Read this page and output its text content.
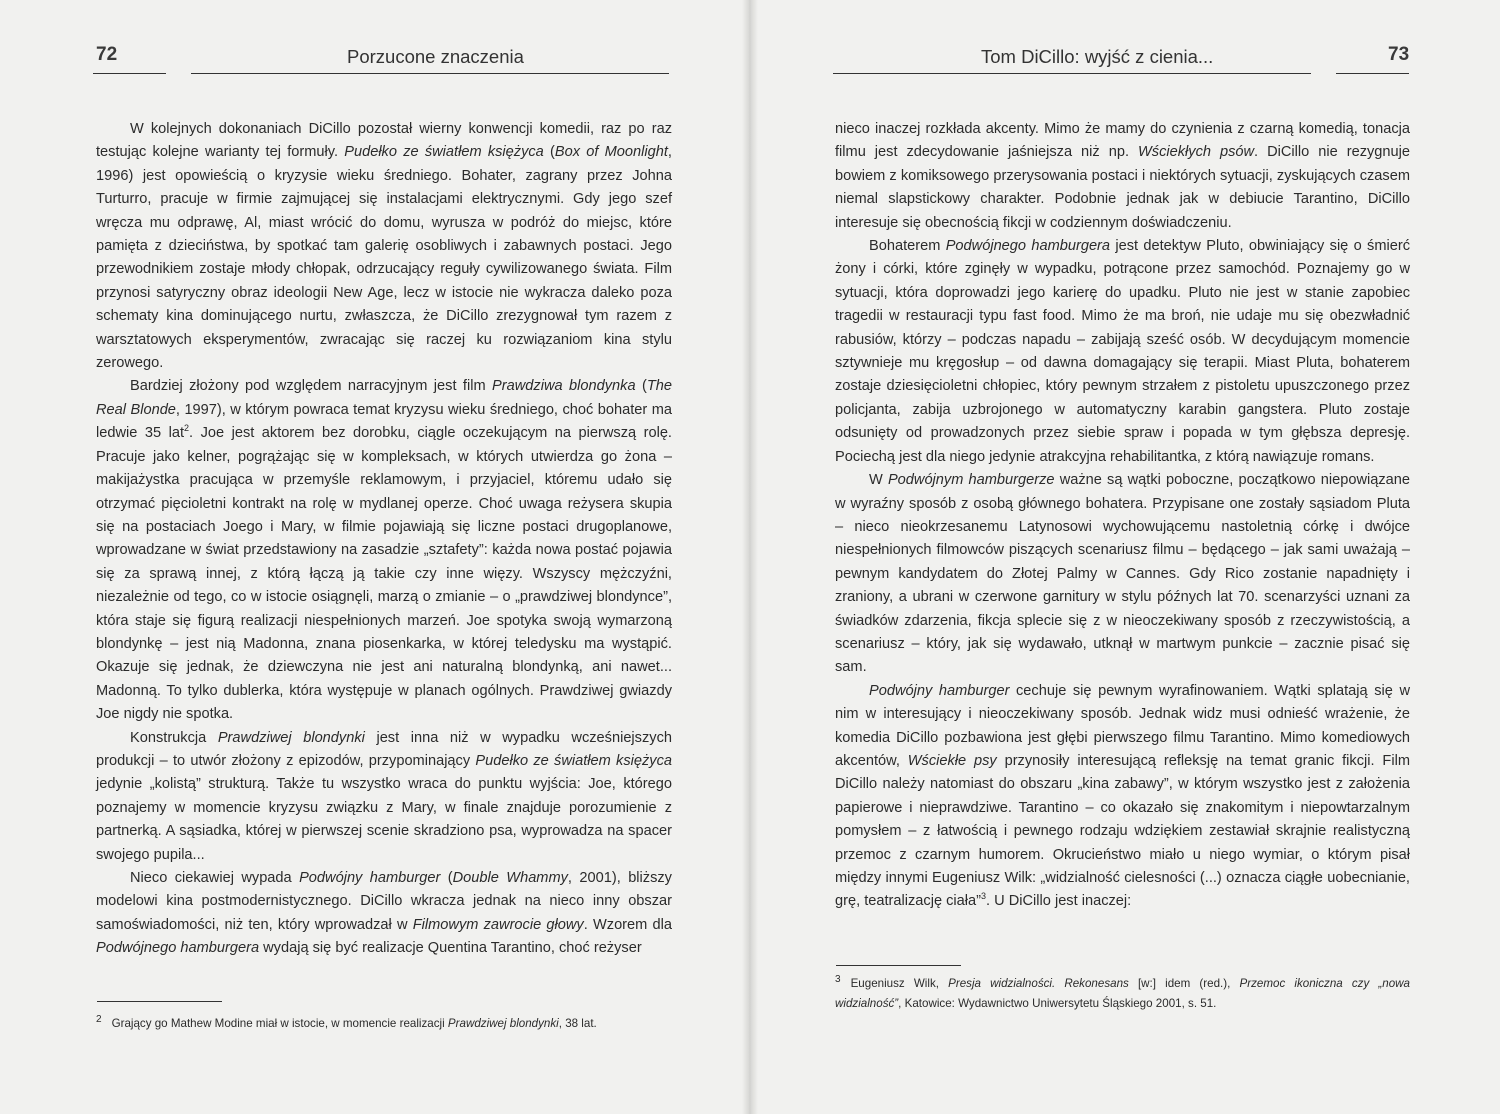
72	Porzucone znaczenia

W kolejnych dokonaniach DiCillo pozostał wierny konwencji komedii, raz po raz testując kolejne warianty tej formuły. Pudełko ze światłem księżyca (Box of Moonlight, 1996) jest opowieścią o kryzysie wieku średniego. Bohater, zagrany przez Johna Turturro, pracuje w firmie zajmującej się instalacjami elektrycznymi. Gdy jego szef wręcza mu odprawę, Al, miast wrócić do domu, wyrusza w podróż do miejsc, które pamięta z dzieciństwa, by spotkać tam galerię osobliwych i zabawnych postaci. Jego przewodnikiem zostaje młody chłopak, odrzucający reguły cywilizowanego świata. Film przynosi satyryczny obraz ideologii New Age, lecz w istocie nie wykracza daleko poza schematy kina dominującego nurtu, zwłaszcza, że DiCillo zrezygnował tym razem z warsztatowych eksperymentów, zwracając się raczej ku rozwiązaniom kina stylu zerowego.

Bardziej złożony pod względem narracyjnym jest film Prawdziwa blondynka (The Real Blonde, 1997), w którym powraca temat kryzysu wieku średniego, choć bohater ma ledwie 35 lat$^2$. Joe jest aktorem bez dorobku, ciągle oczekującym na pierwszą rolę. Pracuje jako kelner, pogrążając się w kompleksach, w których utwierdza go żona – makijażystka pracująca w przemyśle reklamowym, i przyjaciel, któremu udało się otrzymać pięcioletni kontrakt na rolę w mydlanej operze. Choć uwaga reżysera skupia się na postaciach Joego i Mary, w filmie pojawiają się liczne postaci drugoplanowe, wprowadzane w świat przedstawiony na zasadzie „sztafety”: każda nowa postać pojawia się za sprawą innej, z którą łączą ją takie czy inne więzy. Wszyscy mężczyźni, niezależnie od tego, co w istocie osiągnęli, marzą o zmianie – o „prawdziwej blondynce”, która staje się figurą realizacji niespełnionych marzeń. Joe spotyka swoją wymarzoną blondynkę – jest nią Madonna, znana piosenkarka, w której teledysku ma wystąpić. Okazuje się jednak, że dziewczyna nie jest ani naturalną blondynką, ani nawet... Madonną. To tylko dublerka, która występuje w planach ogólnych. Prawdziwej gwiazdy Joe nigdy nie spotka.

Konstrukcja Prawdziwej blondynki jest inna niż w wypadku wcześniejszych produkcji – to utwór złożony z epizodów, przypominający Pudełko ze światłem księżyca jedynie „kolistą” strukturą. Także tu wszystko wraca do punktu wyjścia: Joe, którego poznajemy w momencie kryzysu związku z Mary, w finale znajduje porozumienie z partnerką. A sąsiadka, której w pierwszej scenie skradziono psa, wyprowadza na spacer swojego pupila...

Nieco ciekawiej wypada Podwójny hamburger (Double Whammy, 2001), bliższy modelowi kina postmodernistycznego. DiCillo wkracza jednak na nieco inny obszar samoświadomości, niż ten, który wprowadzał w Filmowym zawrocie głowy. Wzorem dla Podwójnego hamburgera wydają się być realizacje Quentina Tarantino, choć reżyser

2 Grający go Mathew Modine miał w istocie, w momencie realizacji Prawdziwej blondynki, 38 lat.
Tom DiCillo: wyjść z cienia...	73

nieco inaczej rozkłada akcenty. Mimo że mamy do czynienia z czarną komedią, tonacja filmu jest zdecydowanie jaśniejsza niż np. Wściekłych psów. DiCillo nie rezygnuje bowiem z komiksowego przerysowania postaci i niektórych sytuacji, zyskujących czasem niemal slapstickowy charakter. Podobnie jednak jak w debiucie Tarantino, DiCillo interesuje się obecnością fikcji w codziennym doświadczeniu.

Bohaterem Podwójnego hamburgera jest detektyw Pluto, obwiniający się o śmierć żony i córki, które zginęły w wypadku, potrącone przez samochód. Poznajemy go w sytuacji, która doprowadzi jego karierę do upadku. Pluto nie jest w stanie zapobiec tragedii w restauracji typu fast food. Mimo że ma broń, nie udaje mu się obezwładnić rabusiów, którzy – podczas napadu – zabijają sześć osób. W decydującym momencie sztywnieje mu kręgosłup – od dawna domagający się terapii. Miast Pluta, bohaterem zostaje dziesięcioletni chłopiec, który pewnym strzałem z pistoletu upuszczonego przez policjanta, zabija uzbrojonego w automatyczny karabin gangstera. Pluto zostaje odsunięty od prowadzonych przez siebie spraw i popada w tym głębsza depresję. Pociechą jest dla niego jedynie atrakcyjna rehabilitantka, z którą nawiązuje romans.

W Podwójnym hamburgerze ważne są wątki poboczne, początkowo niepowiązane w wyraźny sposób z osobą głównego bohatera. Przypisane one zostały sąsiadom Pluta – nieco nieokrzesanemu Latynosowi wychowującemu nastoletnią córkę i dwójce niespełnionych filmowców piszących scenariusz filmu – będącego – jak sami uważają – pewnym kandydatem do Złotej Palmy w Cannes. Gdy Rico zostanie napadnięty i zraniony, a ubrani w czerwone garnitury w stylu późnych lat 70. scenarzyści uznani za świadków zdarzenia, fikcja splecie się z w nieoczekiwany sposób z rzeczywistością, a scenariusz – który, jak się wydawało, utknął w martwym punkcie – zacznie pisać się sam.

Podwójny hamburger cechuje się pewnym wyrafinowaniem. Wątki splatają się w nim w interesujący i nieoczekiwany sposób. Jednak widz musi odnieść wrażenie, że komedia DiCillo pozbawiona jest głębi pierwszego filmu Tarantino. Mimo komediowych akcentów, Wściekłe psy przynosiły interesującą refleksję na temat granic fikcji. Film DiCillo należy natomiast do obszaru „kina zabawy”, w którym wszystko jest z założenia papierowe i nieprawdziwe. Tarantino – co okazało się znakomitym i niepowtarzalnym pomysłem – z łatwością i pewnego rodzaju wdziękiem zestawiał skrajnie realistyczną przemoc z czarnym humorem. Okrucieństwo miało u niego wymiar, o którym pisał między innymi Eugeniusz Wilk: „widzialność cielesności (...) oznacza ciągłe uobecnianie, grę, teatralizację ciała”$^3$. U DiCillo jest inaczej:

3 Eugeniusz Wilk, Presja widzialności. Rekonesans [w:] idem (red.), Przemoc ikoniczna czy „nowa widzialność”, Katowice: Wydawnictwo Uniwersytetu Śląskiego 2001, s. 51.
